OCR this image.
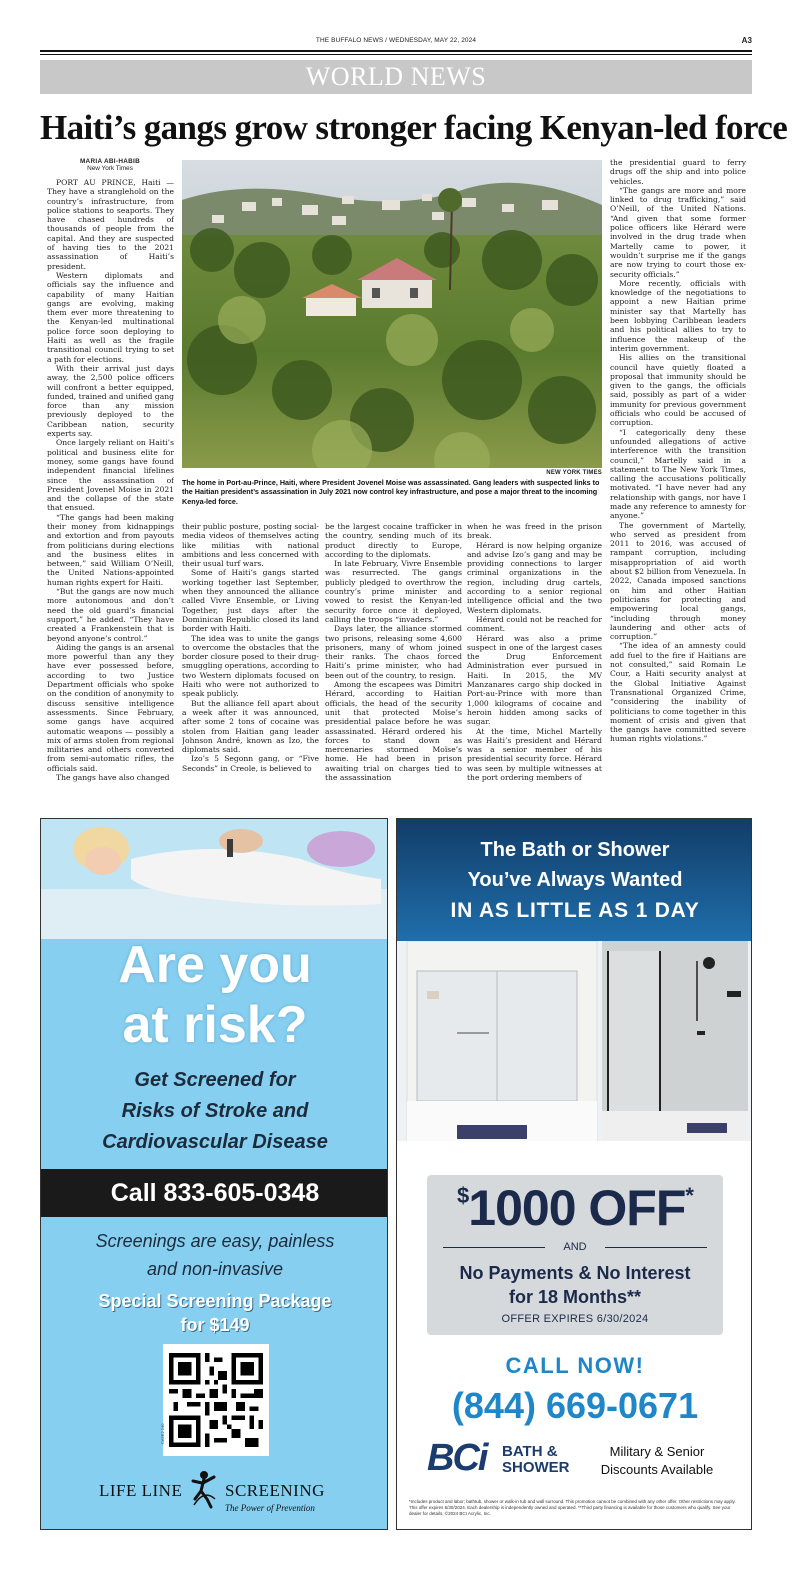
THE BUFFALO NEWS / WEDNESDAY, MAY 22, 2024	A3
WORLD NEWS
Haiti’s gangs grow stronger facing Kenyan-led force
MARIA ABI-HABIB
New York Times

PORT AU PRINCE, Haiti — They have a stranglehold on the country’s infrastructure, from police stations to seaports. They have chased hundreds of thousands of people from the capital. And they are suspected of having ties to the 2021 assassination of Haiti’s president.

Western diplomats and officials say the influence and capability of many Haitian gangs are evolving, making them ever more threatening to the Kenyan-led multinational police force soon deploying to Haiti as well as the fragile transitional council trying to set a path for elections.

With their arrival just days away, the 2,500 police officers will confront a better equipped, funded, trained and unified gang force than any mission previously deployed to the Caribbean nation, security experts say.

Once largely reliant on Haiti’s political and business elite for money, some gangs have found independent financial lifelines since the assassination of President Jovenel Moise in 2021 and the collapse of the state that ensued.

“The gangs had been making their money from kidnappings and extortion and from payouts from politicians during elections and the business elites in between,” said William O’Neill, the United Nations-appointed human rights expert for Haiti.

“But the gangs are now much more autonomous and don’t need the old guard’s financial support,” he added. “They have created a Frankenstein that is beyond anyone’s control.”

Aiding the gangs is an arsenal more powerful than any they have ever possessed before, according to two Justice Department officials who spoke on the condition of anonymity to discuss sensitive intelligence assessments. Since February, some gangs have acquired automatic weapons — possibly a mix of arms stolen from regional militaries and others converted from semi-automatic rifles, the officials said.

The gangs have also changed

NEW YORK TIMES
The home in Port-au-Prince, Haiti, where President Jovenel Moise was assassinated. Gang leaders with suspected links to the Haitian president’s assassination in July 2021 now control key infrastructure, and pose a major threat to the incoming Kenya-led force.

their public posture, posting social-media videos of themselves acting like militias with national ambitions and less concerned with their usual turf wars.

Some of Haiti’s gangs started working together last September, when they announced the alliance called Vivre Ensemble, or Living Together, just days after the Dominican Republic closed its land border with Haiti.

The idea was to unite the gangs to overcome the obstacles that the border closure posed to their drug-smuggling operations, according to two Western diplomats focused on Haiti who were not authorized to speak publicly.

But the alliance fell apart about a week after it was announced, after some 2 tons of cocaine was stolen from Haitian gang leader Johnson André, known as Izo, the diplomats said.

Izo’s 5 Segonn gang, or “Five Seconds” in Creole, is believed to

be the largest cocaine trafficker in the country, sending much of its product directly to Europe, according to the diplomats.

In late February, Vivre Ensemble was resurrected. The gangs publicly pledged to overthrow the country’s prime minister and vowed to resist the Kenyan-led security force once it deployed, calling the troops “invaders.”

Days later, the alliance stormed two prisons, releasing some 4,600 prisoners, many of whom joined their ranks. The chaos forced Haiti’s prime minister, who had been out of the country, to resign.

Among the escapees was Dimitri Hérard, according to Haitian officials, the head of the security unit that protected Moïse’s presidential palace before he was assassinated. Hérard ordered his forces to stand down as mercenaries stormed Moïse’s home. He had been in prison awaiting trial on charges tied to the assassination

when he was freed in the prison break.

Hérard is now helping organize and advise Izo’s gang and may be providing connections to larger criminal organizations in the region, including drug cartels, according to a senior regional intelligence official and the two Western diplomats.

Hérard could not be reached for comment.

Hérard was also a prime suspect in one of the largest cases the Drug Enforcement Administration ever pursued in Haiti. In 2015, the MV Manzanares cargo ship docked in Port-au-Prince with more than 1,000 kilograms of cocaine and heroin hidden among sacks of sugar.

At the time, Michel Martelly was Haiti’s president and Hérard was a senior member of his presidential security force. Hérard was seen by multiple witnesses at the port ordering members of

the presidential guard to ferry drugs off the ship and into police vehicles.

“The gangs are more and more linked to drug trafficking,” said O’Neill, of the United Nations. “And given that some former police officers like Hérard were involved in the drug trade when Martelly came to power, it wouldn’t surprise me if the gangs are now trying to court those ex-security officials.”

More recently, officials with knowledge of the negotiations to appoint a new Haitian prime minister say that Martelly has been lobbying Caribbean leaders and his political allies to try to influence the makeup of the interim government.

His allies on the transitional council have quietly floated a proposal that immunity should be given to the gangs, the officials said, possibly as part of a wider immunity for previous government officials who could be accused of corruption.

“I categorically deny these unfounded allegations of active interference with the transition council,” Martelly said in a statement to The New York Times, calling the accusations politically motivated. “I have never had any relationship with gangs, nor have I made any reference to amnesty for anyone.”

The government of Martelly, who served as president from 2011 to 2016, was accused of rampant corruption, including misappropriation of aid worth about $2 billion from Venezuela. In 2022, Canada imposed sanctions on him and other Haitian politicians for protecting and empowering local gangs, “including through money laundering and other acts of corruption.”

“The idea of an amnesty could add fuel to the fire if Haitians are not consulted,” said Romain Le Cour, a Haiti security analyst at the Global Initiative Against Transnational Organized Crime, “considering the inability of politicians to come together in this moment of crisis and given that the gangs have committed severe human rights violations.”

Are you
at risk?
Get Screened for
Risks of Stroke and
Cardiovascular Disease
Call 833-605-0348
Screenings are easy, painless
and non-invasive
Special Screening Package
for $149
CA5E2 240
LIFE LINE	SCREENING
The Power of Prevention
The Bath or Shower
You’ve Always Wanted
IN AS LITTLE AS 1 DAY
$1000 OFF*
AND
No Payments & No Interest
for 18 Months**
OFFER EXPIRES 6/30/2024
CALL NOW!
(844) 669-0671
BCi BATH &
SHOWER
Military & Senior
Discounts Available
*Includes product and labor; bathtub, shower or walk-in tub and wall surround. This promotion cannot be combined with any other offer. Other restrictions may apply. This offer expires 6/30/2024. Each dealership is independently owned and operated. **Third party financing is available for those customers who qualify. See your dealer for details. ©2024 BCI Acrylic, Inc.
